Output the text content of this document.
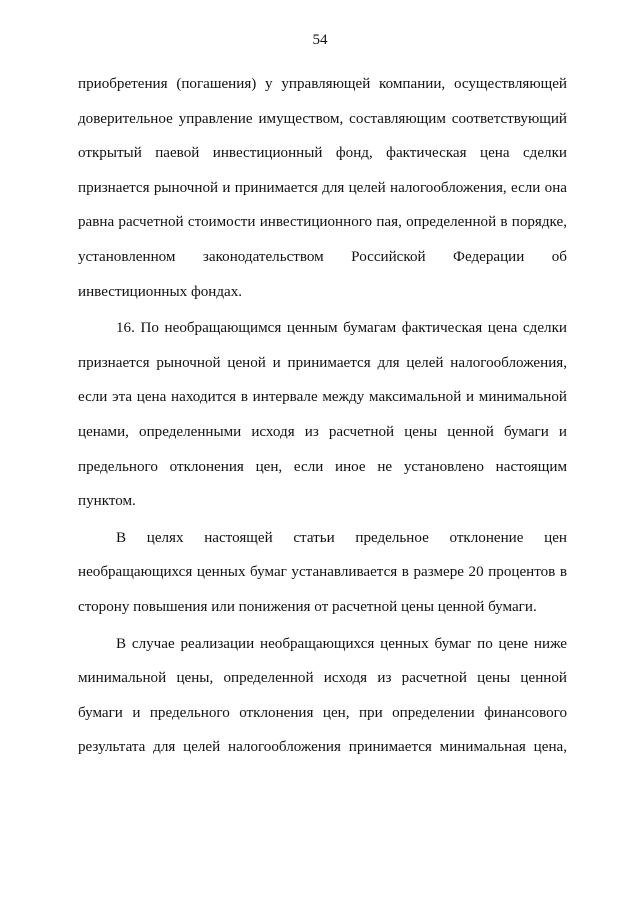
54

приобретения (погашения) у управляющей компании, осуществляющей
доверительное управление имуществом, составляющим соответствующий
открытый паевой инвестиционный фонд, фактическая цена сделки
признается рыночной и принимается для целей налогообложения, если она
равна расчетной стоимости инвестиционного пая, определенной в порядке,
установленном законодательством Российской Федерации об
инвестиционных фондах.

16. По необращающимся ценным бумагам фактическая цена сделки
признается рыночной ценой и принимается для целей налогообложения,
если эта цена находится в интервале между максимальной и минимальной
ценами, определенными исходя из расчетной цены ценной бумаги и
предельного отклонения цен, если иное не установлено настоящим
пунктом.

В целях настоящей статьи предельное отклонение цен
необращающихся ценных бумаг устанавливается в размере 20 процентов в
сторону повышения или понижения от расчетной цены ценной бумаги.

В случае реализации необращающихся ценных бумаг по цене ниже
минимальной цены, определенной исходя из расчетной цены ценной
бумаги и предельного отклонения цен, при определении финансового
результата для целей налогообложения принимается минимальная цена,
